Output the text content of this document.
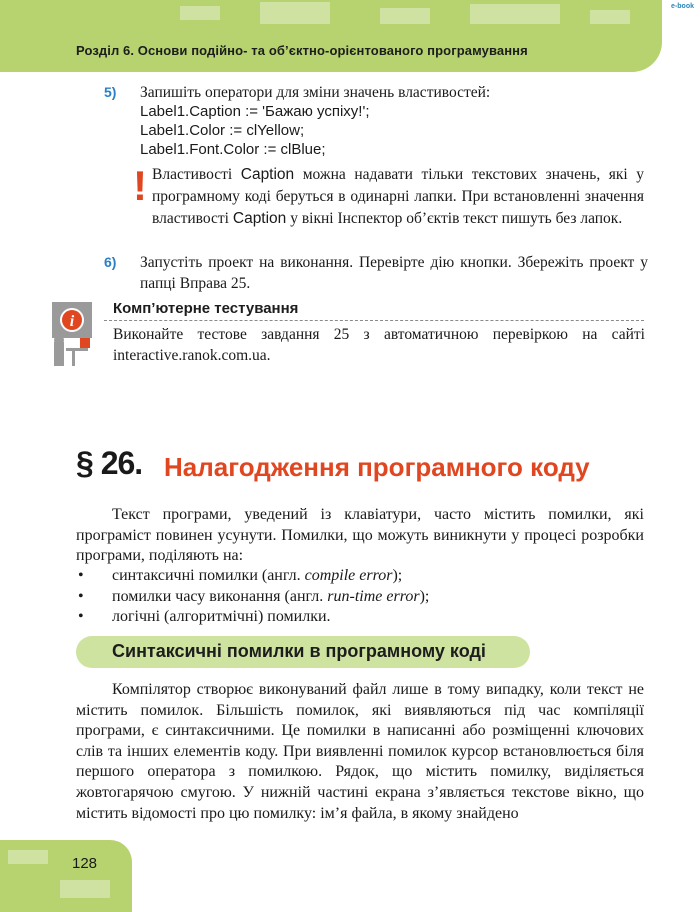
Розділ 6. Основи подійно- та об’єктно-орієнтованого програмування
e-book
5) Запишіть оператори для зміни значень властивостей:
Label1.Caption := 'Бажаю успіху!';
Label1.Color := clYellow;
Label1.Font.Color := clBlue;
! Властивості Caption можна надавати тільки текстових значень, які у програмному коді беруться в одинарні лапки. При встановленні значення властивості Caption у вікні Інспектор об’єктів текст пишуть без лапок.
6) Запустіть проект на виконання. Перевірте дію кнопки. Збережіть проект у папці Вправа 25.
i
Комп’ютерне тестування
Виконайте тестове завдання 25 з автоматичною перевіркою на сайті interactive.ranok.com.ua.
§ 26. Налагодження програмного коду
Текст програми, уведений із клавіатури, часто містить помилки, які програміст повинен усунути. Помилки, що можуть виникнути у процесі розробки програми, поділяють на:
• синтаксичні помилки (англ. compile error);
• помилки часу виконання (англ. run-time error);
• логічні (алгоритмічні) помилки.
Синтаксичні помилки в програмному коді
Компілятор створює виконуваний файл лише в тому випадку, коли текст не містить помилок. Більшість помилок, які виявляються під час компіляції програми, є синтаксичними. Це помилки в написанні або розміщенні ключових слів та інших елементів коду. При виявленні помилок курсор встановлюється біля першого оператора з помилкою. Рядок, що містить помилку, виділяється жовтогарячою смугою. У нижній частині екрана з’являється текстове вікно, що містить відомості про цю помилку: ім’я файла, в якому знайдено
128
